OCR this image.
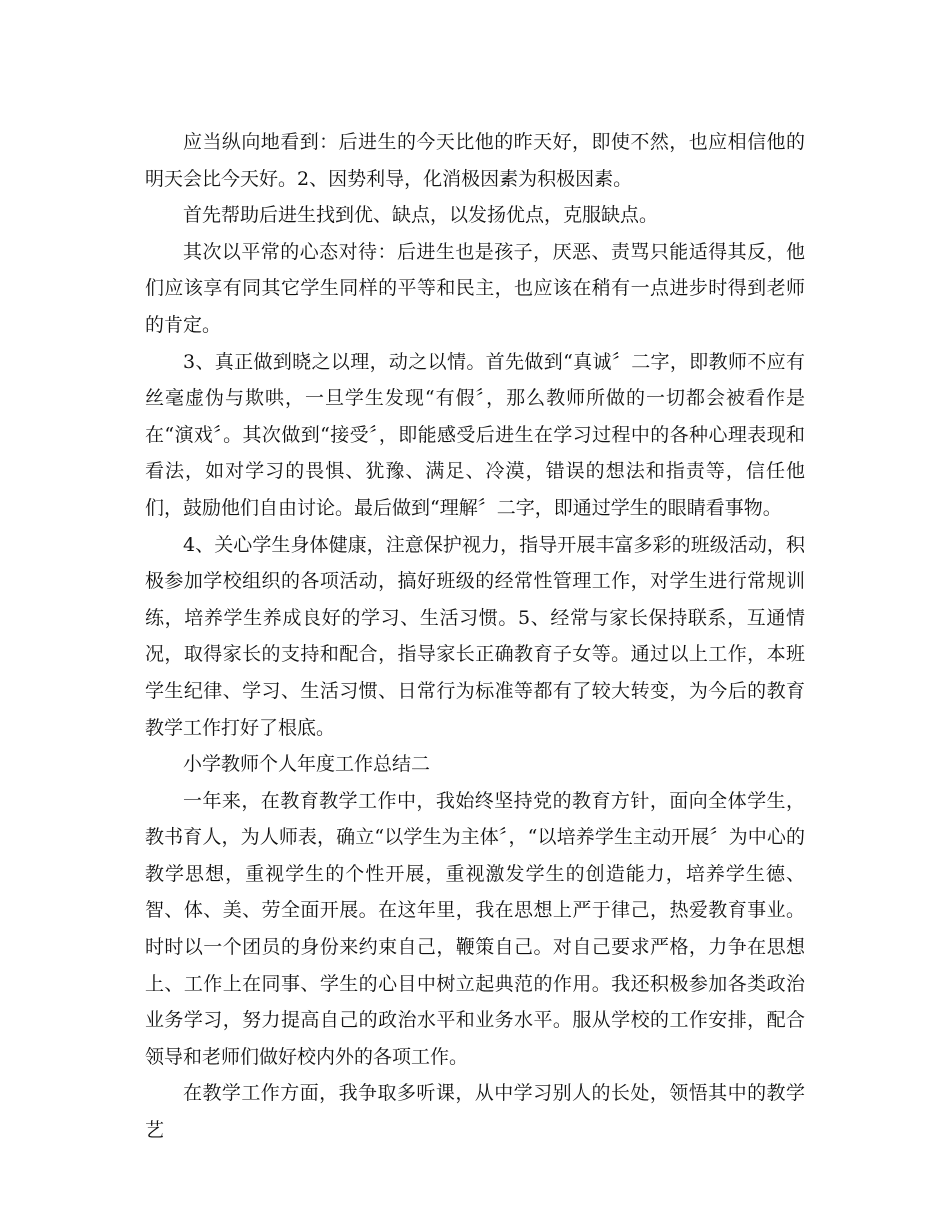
应当纵向地看到：后进生的今天比他的昨天好，即使不然，也应相信他的明天会比今天好。2、因势利导，化消极因素为积极因素。

首先帮助后进生找到优、缺点，以发扬优点，克服缺点。

其次以平常的心态对待：后进生也是孩子，厌恶、责骂只能适得其反，他们应该享有同其它学生同样的平等和民主，也应该在稍有一点进步时得到老师的肯定。

3、真正做到晓之以理，动之以情。首先做到“真诚〞二字，即教师不应有丝毫虚伪与欺哄，一旦学生发现“有假〞，那么教师所做的一切都会被看作是在“演戏〞。其次做到“接受〞，即能感受后进生在学习过程中的各种心理表现和看法，如对学习的畏惧、犹豫、满足、冷漠，错误的想法和指责等，信任他们，鼓励他们自由讨论。最后做到“理解〞二字，即通过学生的眼睛看事物。

4、关心学生身体健康，注意保护视力，指导开展丰富多彩的班级活动，积极参加学校组织的各项活动，搞好班级的经常性管理工作，对学生进行常规训练，培养学生养成良好的学习、生活习惯。5、经常与家长保持联系，互通情况，取得家长的支持和配合，指导家长正确教育子女等。通过以上工作，本班学生纪律、学习、生活习惯、日常行为标准等都有了较大转变，为今后的教育教学工作打好了根底。

小学教师个人年度工作总结二

一年来，在教育教学工作中，我始终坚持党的教育方针，面向全体学生，教书育人，为人师表，确立“以学生为主体〞，“以培养学生主动开展〞为中心的教学思想，重视学生的个性开展，重视激发学生的创造能力，培养学生德、智、体、美、劳全面开展。在这年里，我在思想上严于律己，热爱教育事业。时时以一个团员的身份来约束自己，鞭策自己。对自己要求严格，力争在思想上、工作上在同事、学生的心目中树立起典范的作用。我还积极参加各类政治业务学习，努力提高自己的政治水平和业务水平。服从学校的工作安排，配合领导和老师们做好校内外的各项工作。

在教学工作方面，我争取多听课，从中学习别人的长处，领悟其中的教学艺
